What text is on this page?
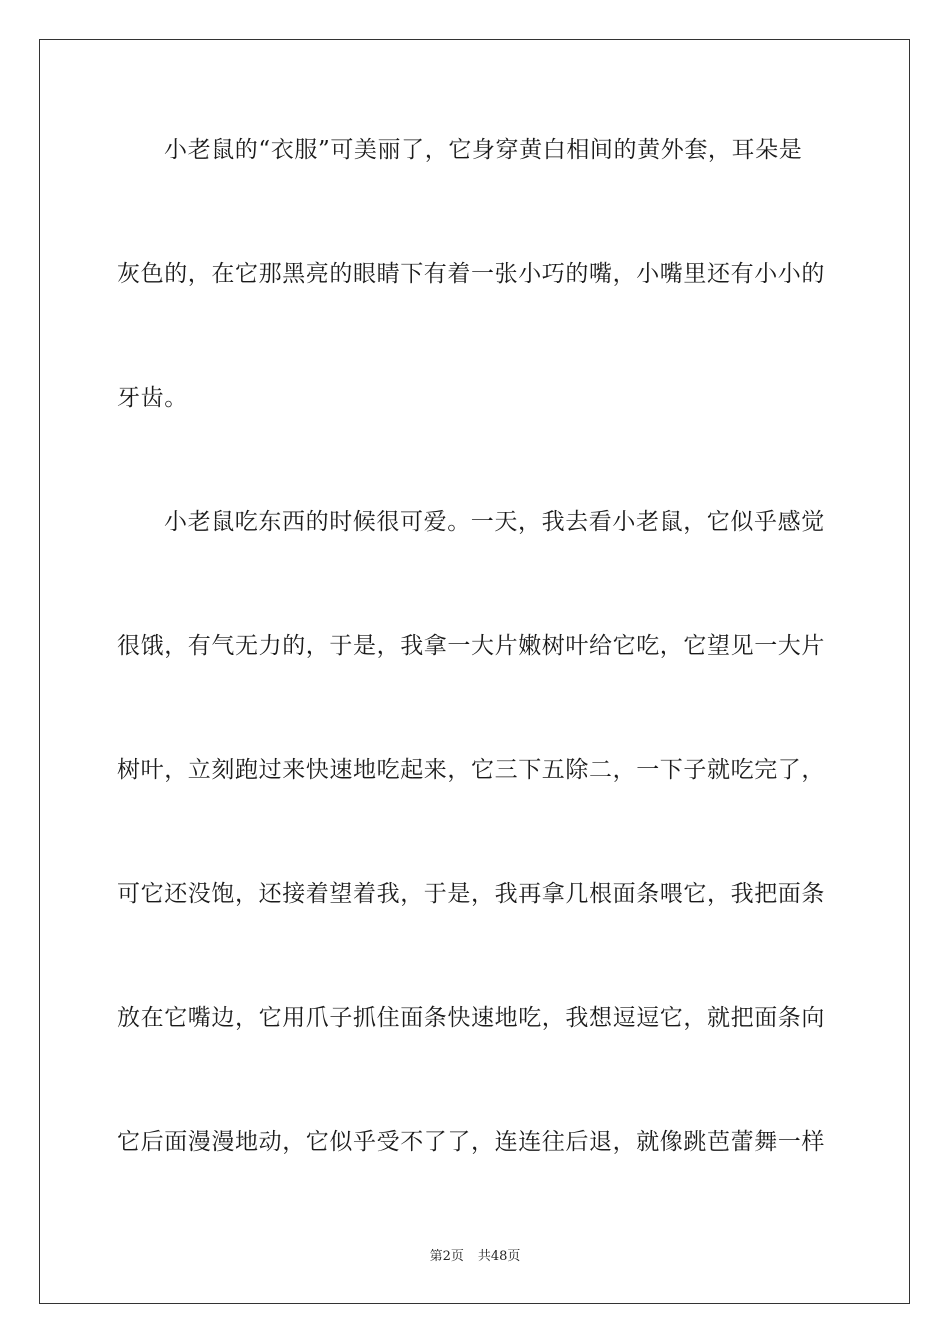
小老鼠的“衣服”可美丽了，它身穿黄白相间的黄外套，耳朵是
灰色的，在它那黑亮的眼睛下有着一张小巧的嘴，小嘴里还有小小的
牙齿。
小老鼠吃东西的时候很可爱。一天，我去看小老鼠，它似乎感觉
很饿，有气无力的，于是，我拿一大片嫩树叶给它吃，它望见一大片
树叶，立刻跑过来快速地吃起来，它三下五除二，一下子就吃完了，
可它还没饱，还接着望着我，于是，我再拿几根面条喂它，我把面条
放在它嘴边，它用爪子抓住面条快速地吃，我想逗逗它，就把面条向
它后面漫漫地动，它似乎受不了了，连连往后退，就像跳芭蕾舞一样
第2页 共48页
